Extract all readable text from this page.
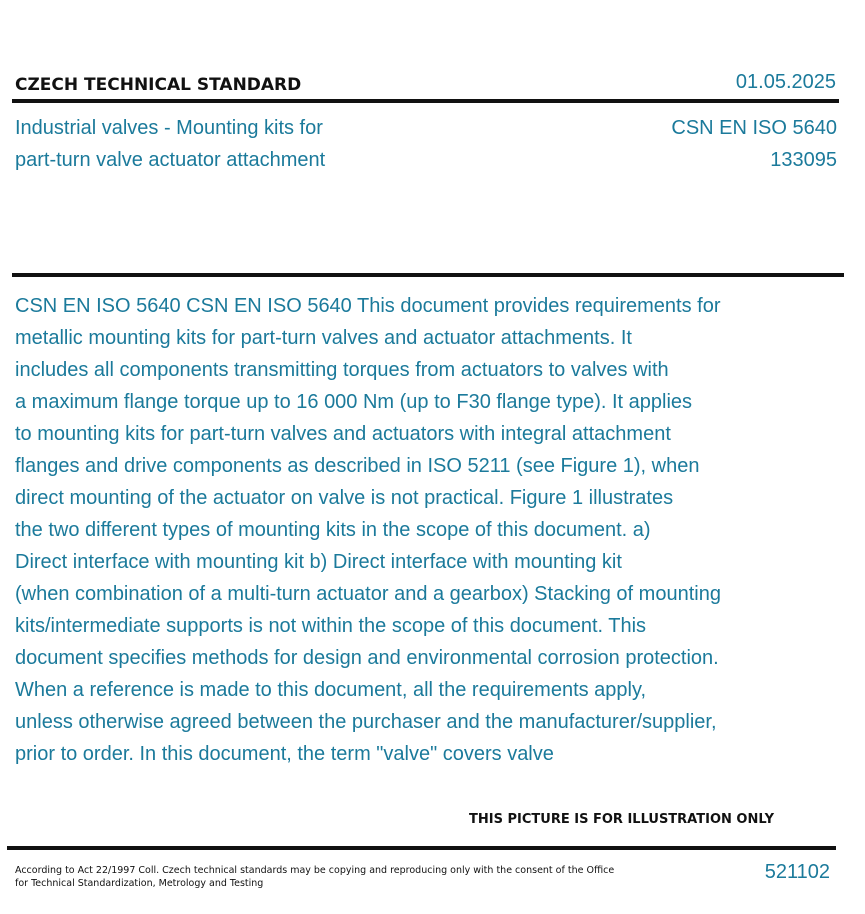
CZECH TECHNICAL STANDARD	01.05.2025
Industrial valves - Mounting kits for
part-turn valve actuator attachment
CSN EN ISO 5640
133095
CSN EN ISO 5640 CSN EN ISO 5640 This document provides requirements for
metallic mounting kits for part-turn valves and actuator attachments. It
includes all components transmitting torques from actuators to valves with
a maximum flange torque up to 16 000 Nm (up to F30 flange type). It applies
to mounting kits for part-turn valves and actuators with integral attachment
flanges and drive components as described in ISO 5211 (see Figure 1), when
direct mounting of the actuator on valve is not practical. Figure 1 illustrates
the two different types of mounting kits in the scope of this document. a)
Direct interface with mounting kit b) Direct interface with mounting kit
(when combination of a multi-turn actuator and a gearbox) Stacking of mounting
kits/intermediate supports is not within the scope of this document. This
document specifies methods for design and environmental corrosion protection.
When a reference is made to this document, all the requirements apply,
unless otherwise agreed between the purchaser and the manufacturer/supplier,
prior to order. In this document, the term "valve" covers valve
THIS PICTURE IS FOR ILLUSTRATION ONLY
According to Act 22/1997 Coll. Czech technical standards may be copying and reproducing only with the consent of the Office
for Technical Standardization, Metrology and Testing
521102
